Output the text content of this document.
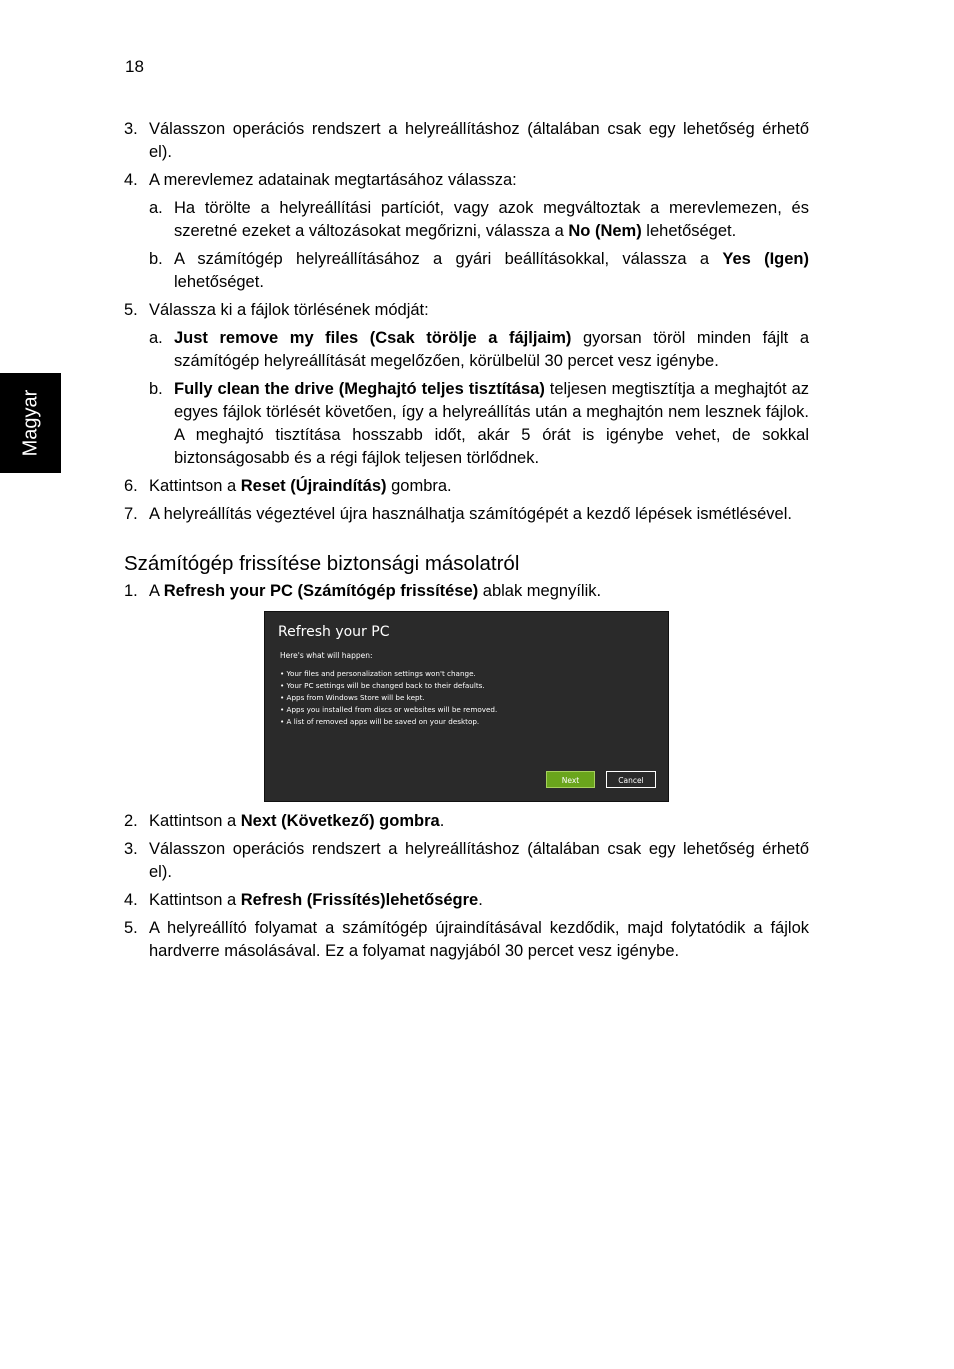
18
Magyar
3. Válasszon operációs rendszert a helyreállításhoz (általában csak egy lehetőség érhető el).
4. A merevlemez adatainak megtartásához válassza:
a. Ha törölte a helyreállítási partíciót, vagy azok megváltoztak a merevlemezen, és szeretné ezeket a változásokat megőrizni, válassza a No (Nem) lehetőséget.
b. A számítógép helyreállításához a gyári beállításokkal, válassza a Yes (Igen) lehetőséget.
5. Válassza ki a fájlok törlésének módját:
a. Just remove my files (Csak törölje a fájljaim) gyorsan töröl minden fájlt a számítógép helyreállítását megelőzően, körülbelül 30 percet vesz igénybe.
b. Fully clean the drive (Meghajtó teljes tisztítása) teljesen megtisztítja a meghajtót az egyes fájlok törlését követően, így a helyreállítás után a meghajtón nem lesznek fájlok. A meghajtó tisztítása hosszabb időt, akár 5 órát is igénybe vehet, de sokkal biztonságosabb és a régi fájlok teljesen törlődnek.
6. Kattintson a Reset (Újraindítás) gombra.
7. A helyreállítás végeztével újra használhatja számítógépét a kezdő lépések ismétlésével.
Számítógép frissítése biztonsági másolatról
1. A Refresh your PC (Számítógép frissítése) ablak megnyílik.
Refresh your PC
Here's what will happen:
• Your files and personalization settings won't change.
• Your PC settings will be changed back to their defaults.
• Apps from Windows Store will be kept.
• Apps you installed from discs or websites will be removed.
• A list of removed apps will be saved on your desktop.
Next	Cancel
2. Kattintson a Next (Következő) gombra.
3. Válasszon operációs rendszert a helyreállításhoz (általában csak egy lehetőség érhető el).
4. Kattintson a Refresh (Frissítés)lehetőségre.
5. A helyreállító folyamat a számítógép újraindításával kezdődik, majd folytatódik a fájlok hardverre másolásával. Ez a folyamat nagyjából 30 percet vesz igénybe.
